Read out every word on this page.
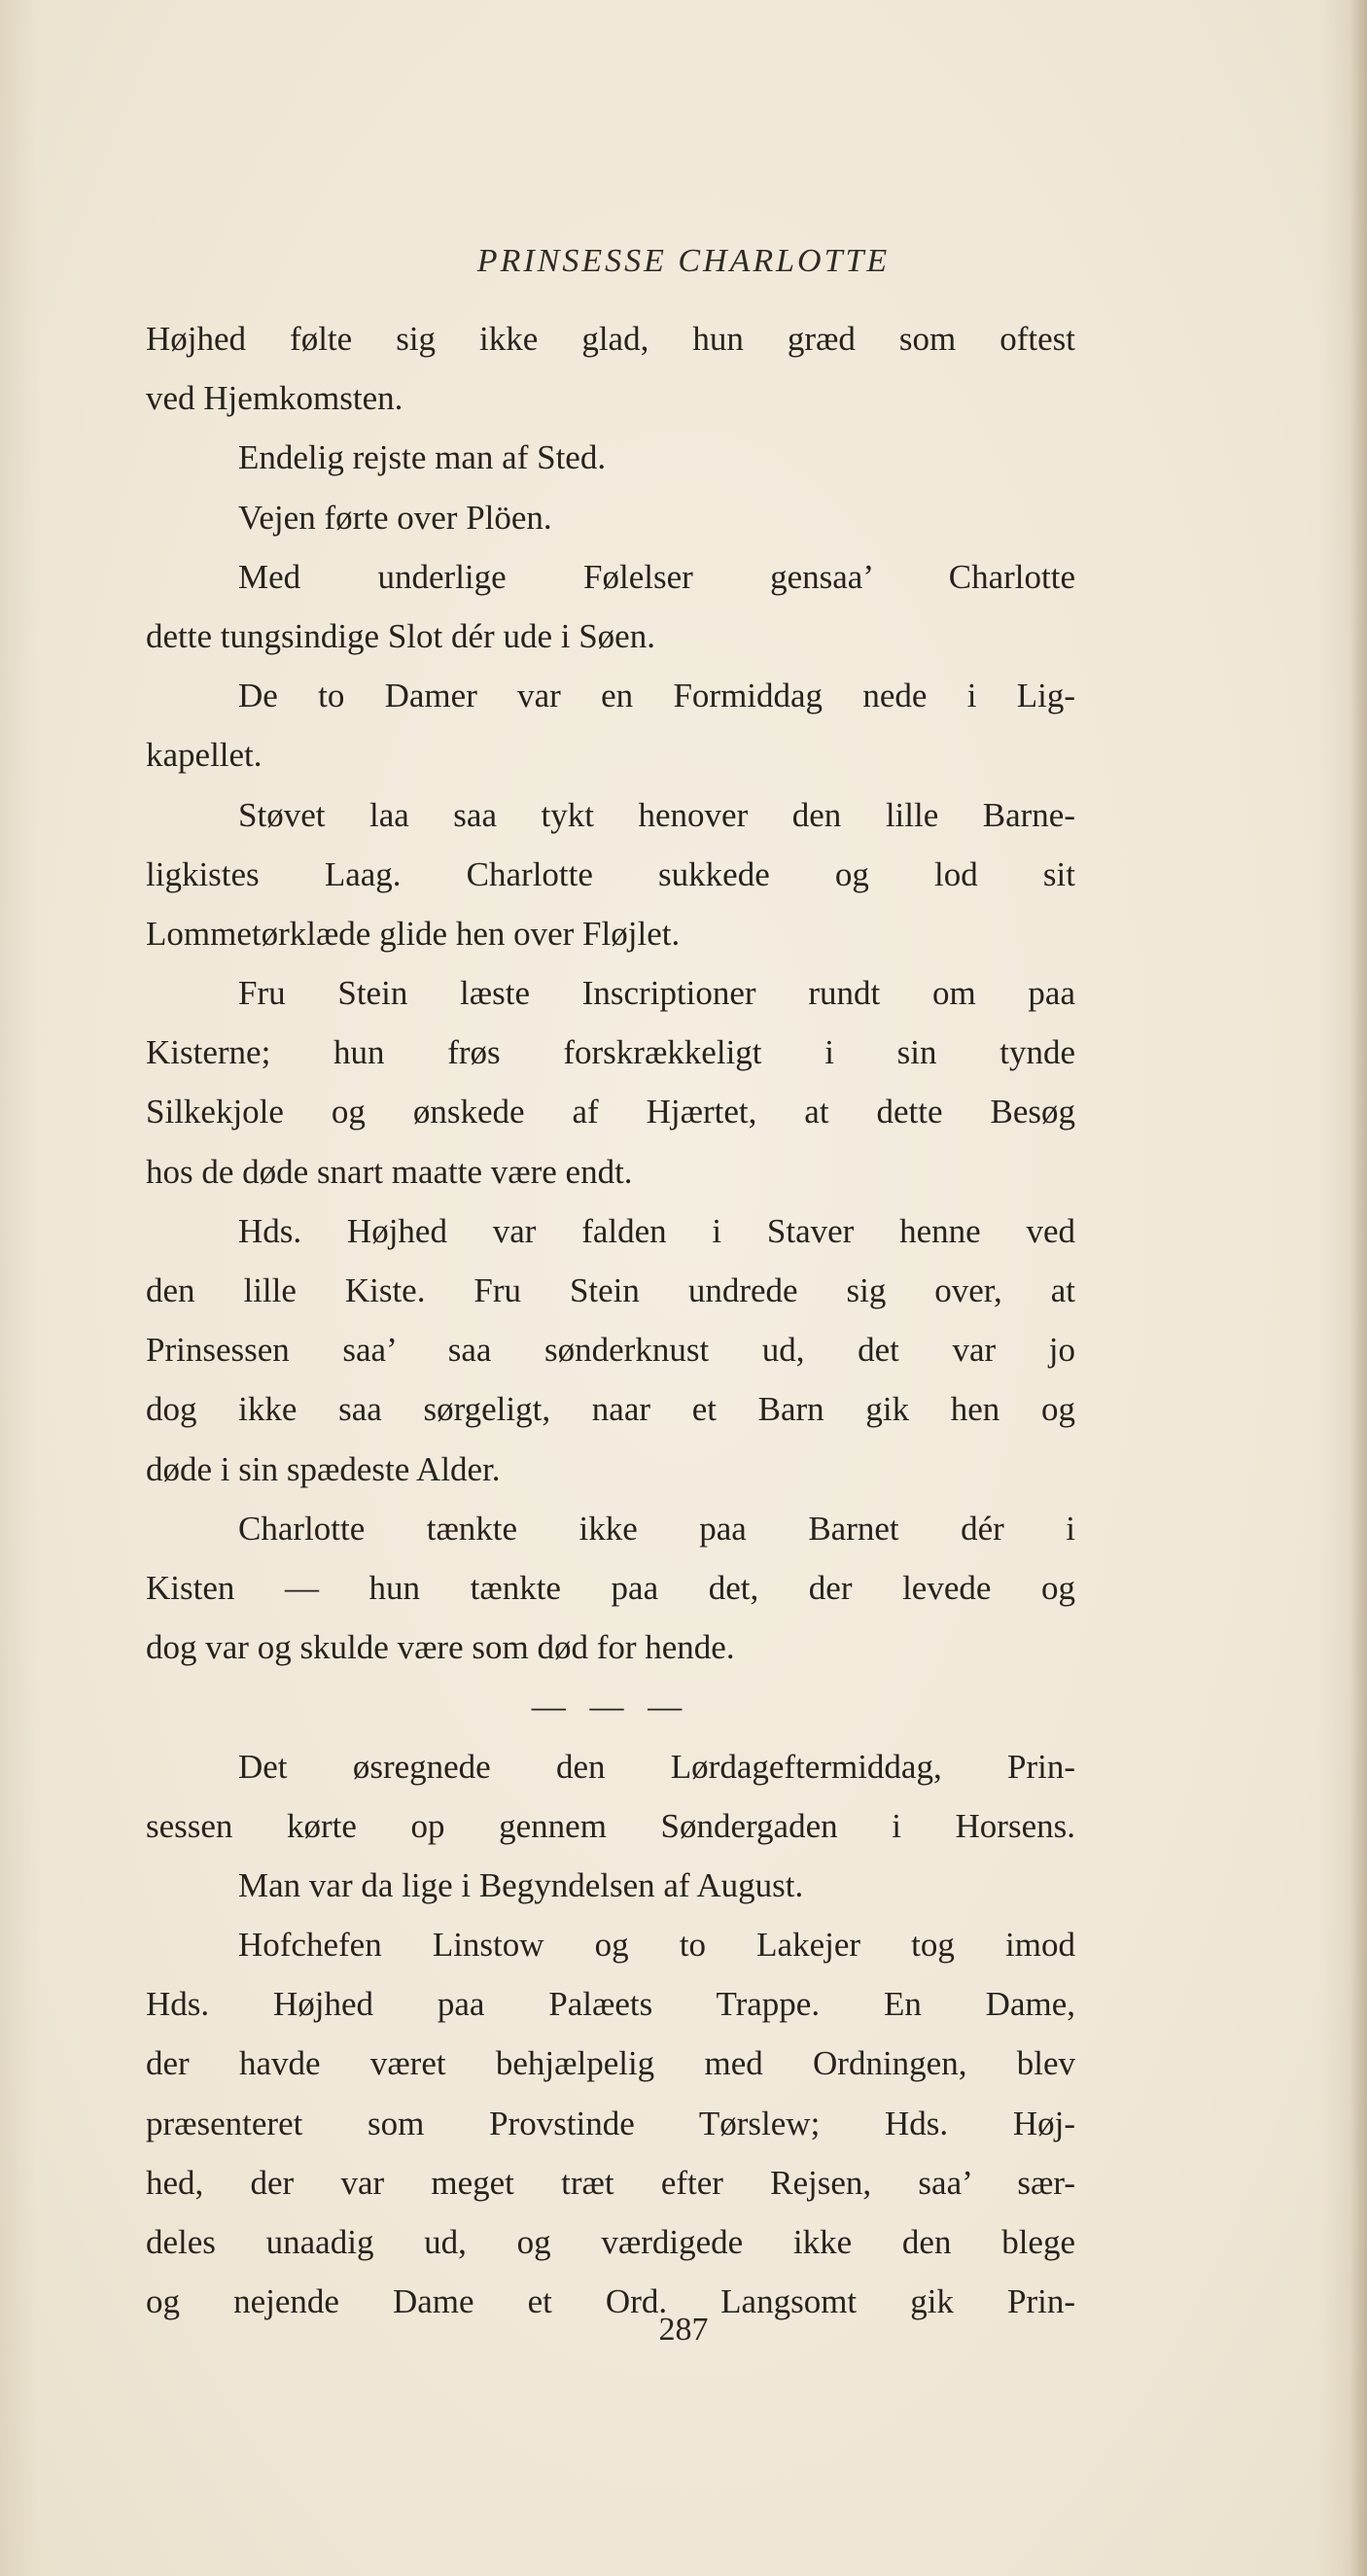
PRINSESSE CHARLOTTE
Højhed følte sig ikke glad, hun græd som oftest
ved Hjemkomsten.
Endelig rejste man af Sted.
Vejen førte over Plöen.
Med underlige Følelser gensaa’ Charlotte
dette tungsindige Slot dér ude i Søen.
De to Damer var en Formiddag nede i Lig-
kapellet.
Støvet laa saa tykt henover den lille Barne-
ligkistes Laag. Charlotte sukkede og lod sit
Lommetørklæde glide hen over Fløjlet.
Fru Stein læste Inscriptioner rundt om paa
Kisterne; hun frøs forskrækkeligt i sin tynde
Silkekjole og ønskede af Hjærtet, at dette Besøg
hos de døde snart maatte være endt.
Hds. Højhed var falden i Staver henne ved
den lille Kiste. Fru Stein undrede sig over, at
Prinsessen saa’ saa sønderknust ud, det var jo
dog ikke saa sørgeligt, naar et Barn gik hen og
døde i sin spædeste Alder.
Charlotte tænkte ikke paa Barnet dér i
Kisten — hun tænkte paa det, der levede og
dog var og skulde være som død for hende.
— — —
Det øsregnede den Lørdageftermiddag, Prin-
sessen kørte op gennem Søndergaden i Horsens.
Man var da lige i Begyndelsen af August.
Hofchefen Linstow og to Lakejer tog imod
Hds. Højhed paa Palæets Trappe. En Dame,
der havde været behjælpelig med Ordningen, blev
præsenteret som Provstinde Tørslew; Hds. Høj-
hed, der var meget træt efter Rejsen, saa’ sær-
deles unaadig ud, og værdigede ikke den blege
og nejende Dame et Ord. Langsomt gik Prin-
287
